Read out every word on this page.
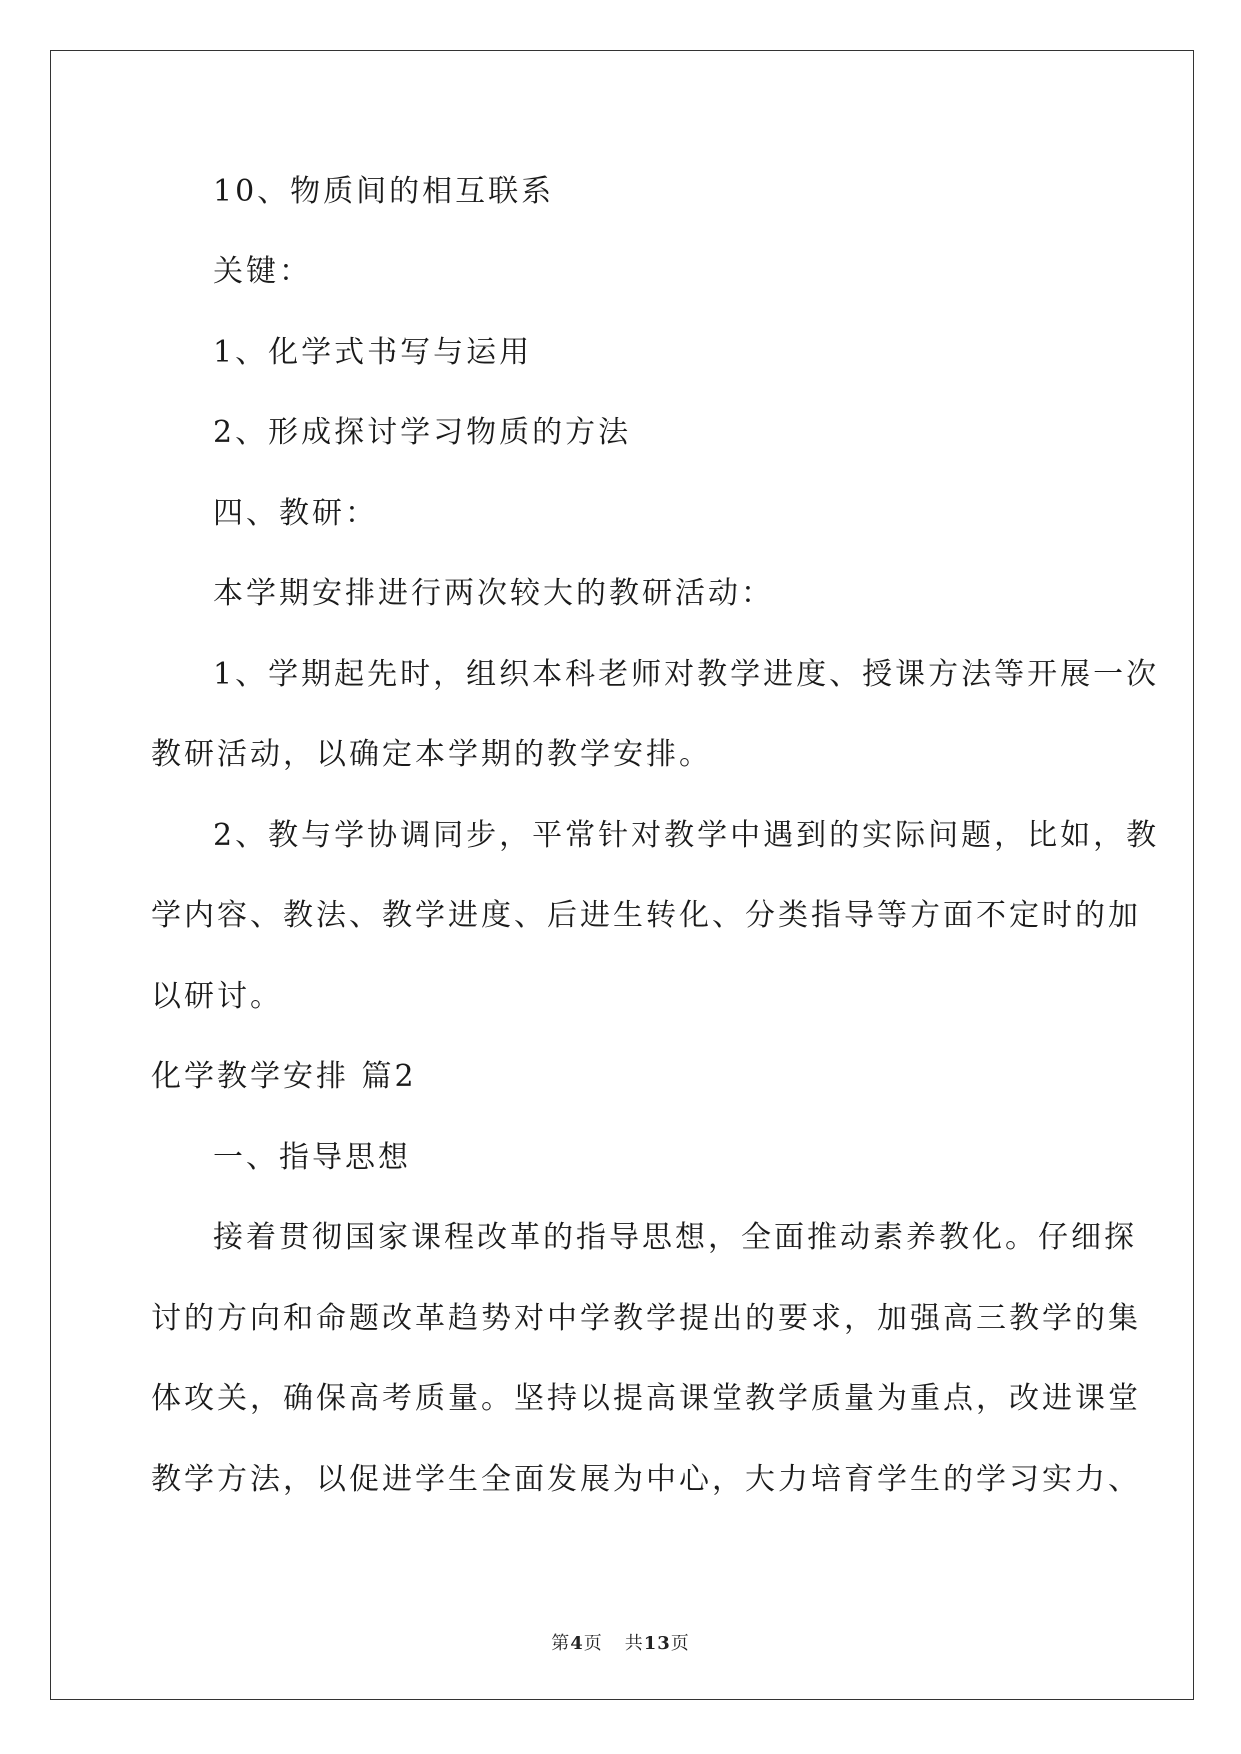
10、物质间的相互联系
关键：
1、化学式书写与运用
2、形成探讨学习物质的方法
四、教研：
本学期安排进行两次较大的教研活动：
1、学期起先时，组织本科老师对教学进度、授课方法等开展一次
教研活动，以确定本学期的教学安排。
2、教与学协调同步，平常针对教学中遇到的实际问题，比如，教
学内容、教法、教学进度、后进生转化、分类指导等方面不定时的加
以研讨。
化学教学安排 篇2
一、指导思想
接着贯彻国家课程改革的指导思想，全面推动素养教化。仔细探
讨的方向和命题改革趋势对中学教学提出的要求，加强高三教学的集
体攻关，确保高考质量。坚持以提高课堂教学质量为重点，改进课堂
教学方法，以促进学生全面发展为中心，大力培育学生的学习实力、
第4页 共13页
